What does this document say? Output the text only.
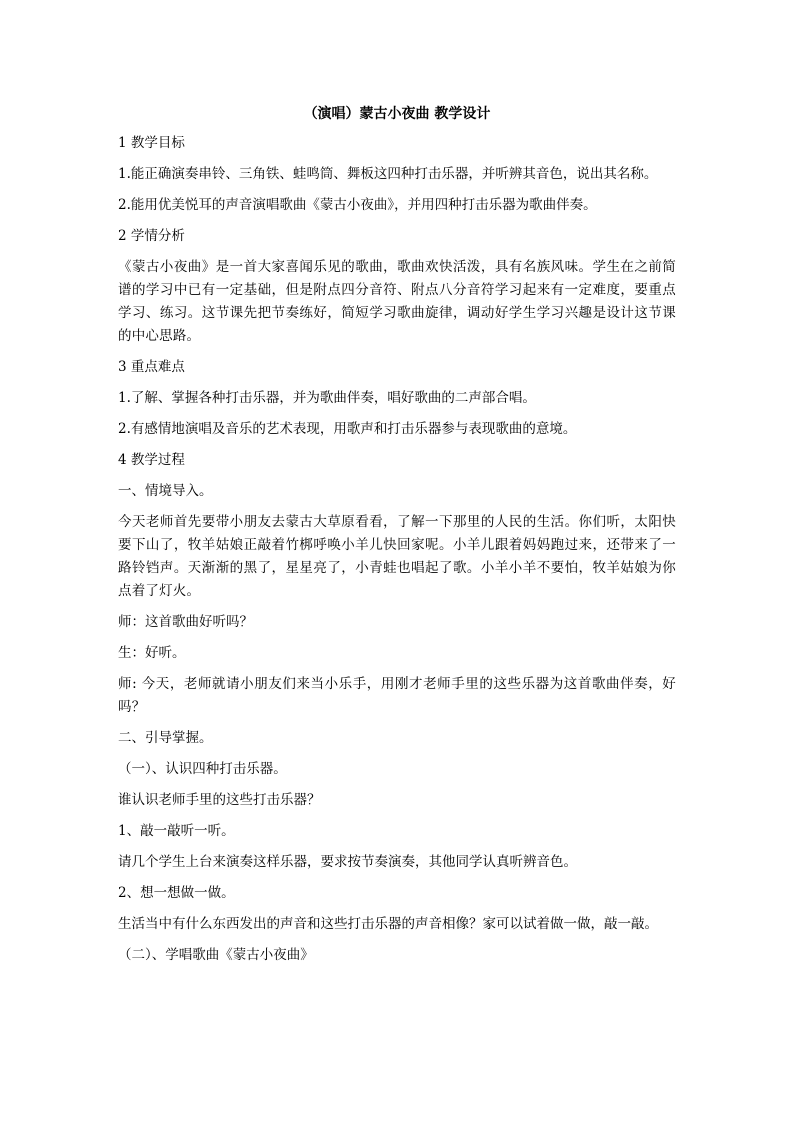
（演唱）蒙古小夜曲 教学设计

1 教学目标

1.能正确演奏串铃、三角铁、蛙鸣筒、舞板这四种打击乐器，并听辨其音色，说出其名称。

2.能用优美悦耳的声音演唱歌曲《蒙古小夜曲》，并用四种打击乐器为歌曲伴奏。

2 学情分析

《蒙古小夜曲》是一首大家喜闻乐见的歌曲，歌曲欢快活泼，具有名族风味。学生在之前简谱的学习中已有一定基础，但是附点四分音符、附点八分音符学习起来有一定难度，要重点学习、练习。这节课先把节奏练好，简短学习歌曲旋律，调动好学生学习兴趣是设计这节课的中心思路。

3 重点难点

1.了解、掌握各种打击乐器，并为歌曲伴奏，唱好歌曲的二声部合唱。

2.有感情地演唱及音乐的艺术表现，用歌声和打击乐器参与表现歌曲的意境。

4 教学过程

一、情境导入。

今天老师首先要带小朋友去蒙古大草原看看，了解一下那里的人民的生活。你们听，太阳快要下山了，牧羊姑娘正敲着竹梆呼唤小羊儿快回家呢。小羊儿跟着妈妈跑过来，还带来了一路铃铛声。天渐渐的黑了，星星亮了，小青蛙也唱起了歌。小羊小羊不要怕，牧羊姑娘为你点着了灯火。

师：这首歌曲好听吗？

生：好听。

师: 今天，老师就请小朋友们来当小乐手，用刚才老师手里的这些乐器为这首歌曲伴奏，好吗？

二、引导掌握。

（一）、认识四种打击乐器。

谁认识老师手里的这些打击乐器？

1、敲一敲听一听。

请几个学生上台来演奏这样乐器，要求按节奏演奏，其他同学认真听辨音色。

2、想一想做一做。

生活当中有什么东西发出的声音和这些打击乐器的声音相像？家可以试着做一做，敲一敲。

（二）、学唱歌曲《蒙古小夜曲》
